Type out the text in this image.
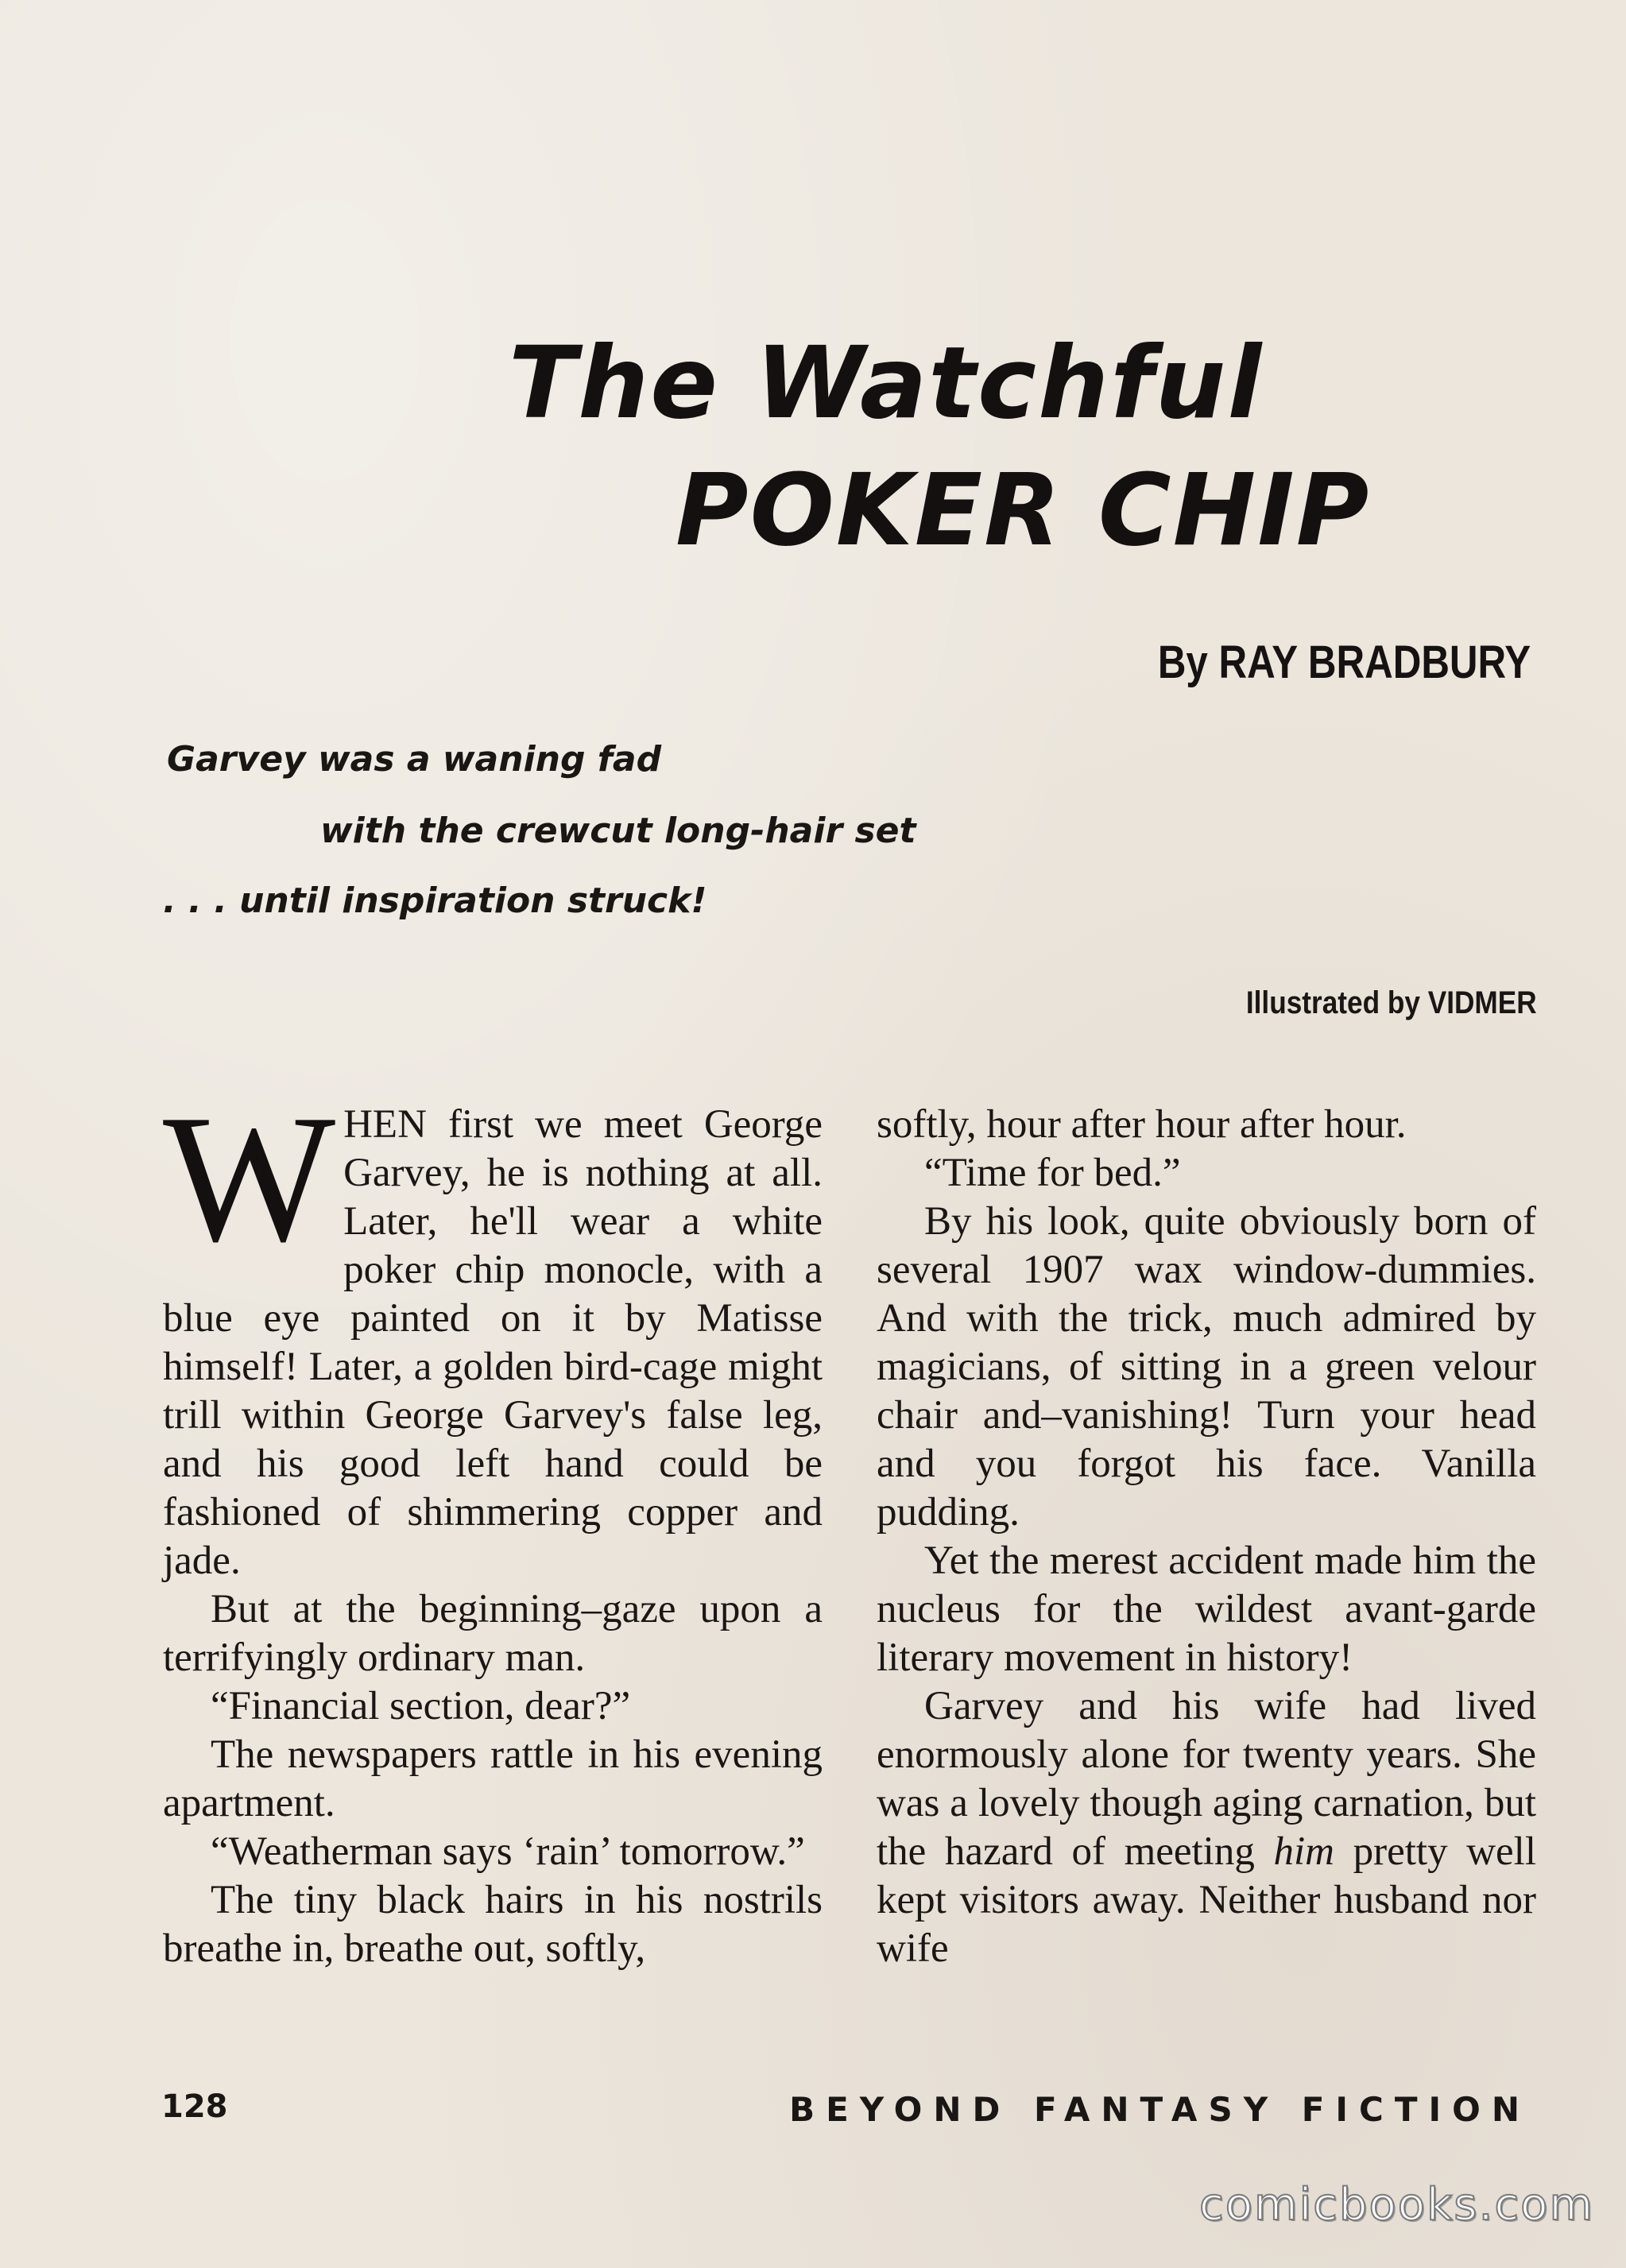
The Watchful
POKER CHIP
By RAY BRADBURY
Garvey was a waning fad
with the crewcut long-hair set
. . . until inspiration struck!
Illustrated by VIDMER

WHEN first we meet George Garvey, he is nothing at all. Later, he'll wear a white poker chip monocle, with a blue eye painted on it by Matisse himself! Later, a golden bird-cage might trill within George Garvey's false leg, and his good left hand could be fashioned of shimmering copper and jade.

But at the beginning–gaze upon a terrifyingly ordinary man.

“Financial section, dear?”

The newspapers rattle in his evening apartment.

“Weatherman says ‘rain’ tomorrow.”

The tiny black hairs in his nostrils breathe in, breathe out, softly,

softly, hour after hour after hour.

“Time for bed.”

By his look, quite obviously born of several 1907 wax window-dummies. And with the trick, much admired by magicians, of sitting in a green velour chair and–vanishing! Turn your head and you forgot his face. Vanilla pudding.

Yet the merest accident made him the nucleus for the wildest avant-garde literary movement in history!

Garvey and his wife had lived enormously alone for twenty years. She was a lovely though aging carnation, but the hazard of meeting him pretty well kept visitors away. Neither husband nor wife

128	BEYOND FANTASY FICTION
comicbooks.com
